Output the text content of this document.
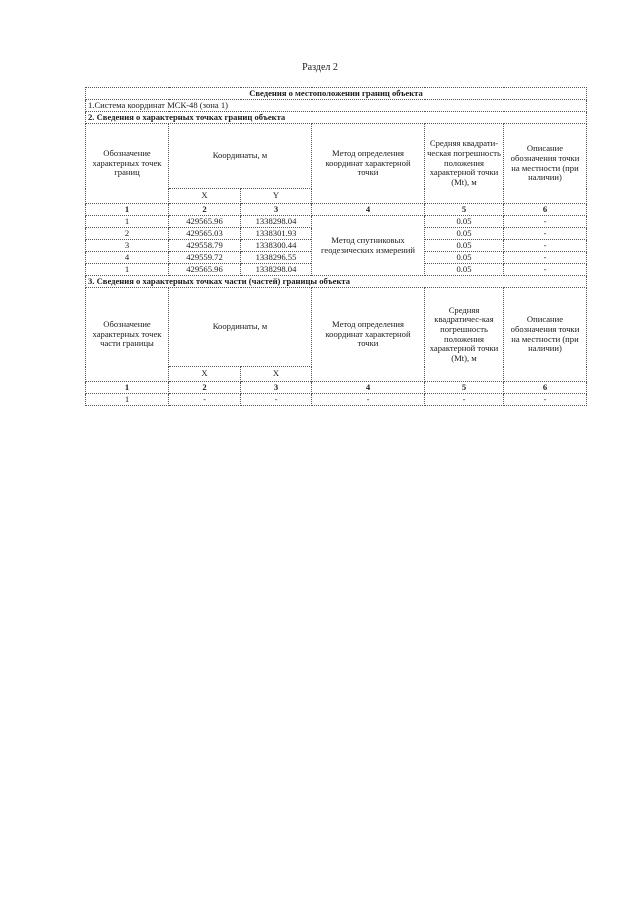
Раздел 2
Сведения о местоположении границ объекта					
1.Система координат МСК-48 (зона 1)					
2. Сведения о характерных точках границ объекта					
Обозначение характерных точек границ	Координаты, м		Метод определения координат характерной точки	Средняя квадрати-ческая погрешность положения характерной точки (Mt), м	Описание обозначения точки на местности (при наличии)
	X	Y			
1	2	3	4	5	6
1	429565.96	1338298.04	Метод спутниковых геодезических измерений	0.05	-
2	429565.03	1338301.93		0.05	-
3	429558.79	1338300.44		0.05	-
4	429559.72	1338296.55		0.05	-
1	429565.96	1338298.04		0.05	-
3. Сведения о характерных точках части (частей) границы объекта					
Обозначение характерных точек части границы	Координаты, м		Метод определения координат характерной точки	Средняя квадратичес-кая погрешность положения характерной точки (Mt), м	Описание обозначения точки на местности (при наличии)
	X	X			
1	2	3	4	5	6
1	-	-	-	-	-
